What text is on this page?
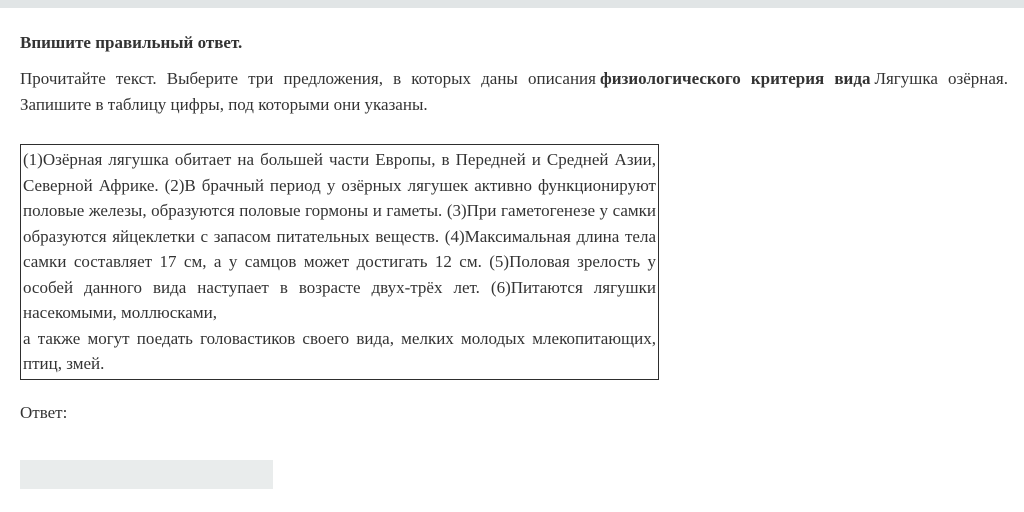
Впишите правильный ответ.

Прочитайте текст. Выберите три предложения, в которых даны описания физиологического критерия вида Лягушка озёрная. Запишите в таблицу цифры, под которыми они указаны.

(1)Озёрная лягушка обитает на большей части Европы, в Передней и Средней Азии, Северной Африке. (2)В брачный период у озёрных лягушек активно функционируют половые железы, образуются половые гормоны и гаметы. (3)При гаметогенезе у самки образуются яйцеклетки с запасом питательных веществ. (4)Максимальная длина тела самки составляет 17 см, а у самцов может достигать 12 см. (5)Половая зрелость у особей данного вида наступает в возрасте двух-трёх лет. (6)Питаются лягушки насекомыми, моллюсками,

а также могут поедать головастиков своего вида, мелких молодых млекопитающих, птиц, змей.

Ответ:
